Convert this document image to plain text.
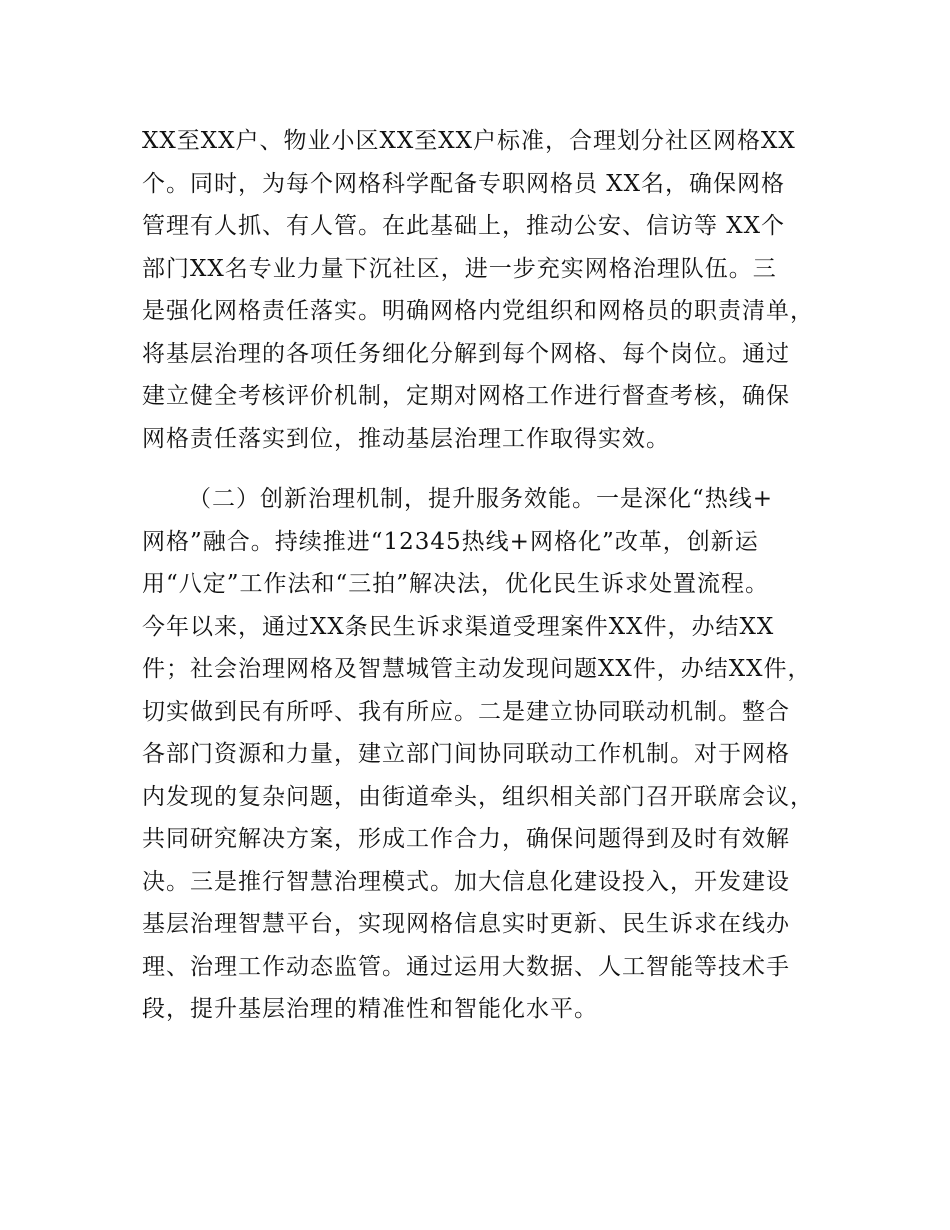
XX至XX户、物业小区XX至XX户标准，合理划分社区网格XX
个。同时，为每个网格科学配备专职网格员 XX名，确保网格
管理有人抓、有人管。在此基础上，推动公安、信访等 XX个
部门XX名专业力量下沉社区，进一步充实网格治理队伍。三
是强化网格责任落实。明确网格内党组织和网格员的职责清单，
将基层治理的各项任务细化分解到每个网格、每个岗位。通过
建立健全考核评价机制，定期对网格工作进行督查考核，确保
网格责任落实到位，推动基层治理工作取得实效。
（二）创新治理机制，提升服务效能。一是深化“热线+
网格”融合。持续推进“12345热线+网格化”改革，创新运
用“八定”工作法和“三拍”解决法，优化民生诉求处置流程。
今年以来，通过XX条民生诉求渠道受理案件XX件，办结XX
件；社会治理网格及智慧城管主动发现问题XX件，办结XX件，
切实做到民有所呼、我有所应。二是建立协同联动机制。整合
各部门资源和力量，建立部门间协同联动工作机制。对于网格
内发现的复杂问题，由街道牵头，组织相关部门召开联席会议，
共同研究解决方案，形成工作合力，确保问题得到及时有效解
决。三是推行智慧治理模式。加大信息化建设投入，开发建设
基层治理智慧平台，实现网格信息实时更新、民生诉求在线办
理、治理工作动态监管。通过运用大数据、人工智能等技术手
段，提升基层治理的精准性和智能化水平。
